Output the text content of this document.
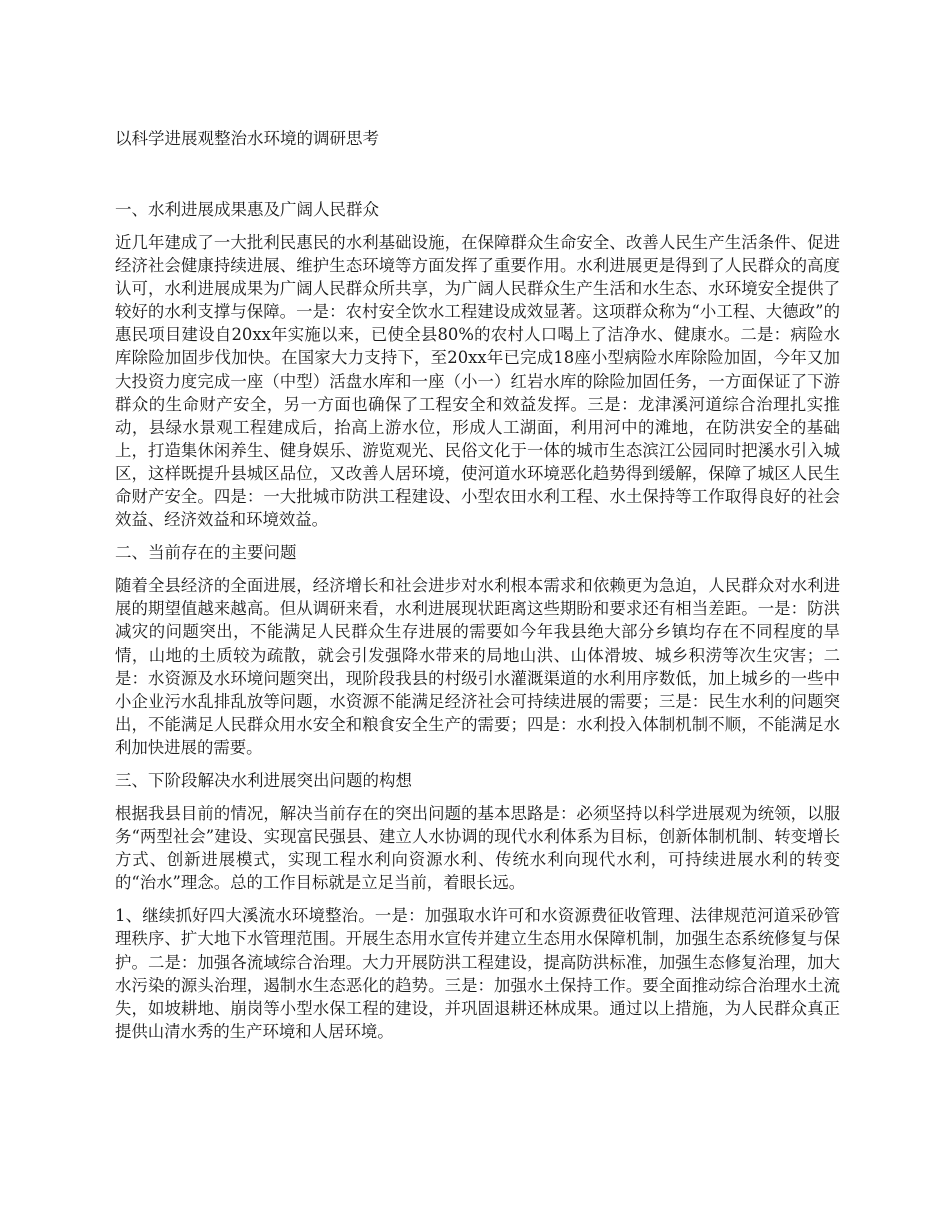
以科学进展观整治水环境的调研思考
一、水利进展成果惠及广阔人民群众

近几年建成了一大批利民惠民的水利基础设施，在保障群众生命安全、改善人民生产生活条件、促进经济社会健康持续进展、维护生态环境等方面发挥了重要作用。水利进展更是得到了人民群众的高度认可，水利进展成果为广阔人民群众所共享，为广阔人民群众生产生活和水生态、水环境安全提供了较好的水利支撑与保障。一是：农村安全饮水工程建设成效显著。这项群众称为“小工程、大德政”的惠民项目建设自20xx年实施以来，已使全县80%的农村人口喝上了洁净水、健康水。二是：病险水库除险加固步伐加快。在国家大力支持下，至20xx年已完成18座小型病险水库除险加固，今年又加大投资力度完成一座（中型）活盘水库和一座（小一）红岩水库的除险加固任务，一方面保证了下游群众的生命财产安全，另一方面也确保了工程安全和效益发挥。三是：龙津溪河道综合治理扎实推动，县绿水景观工程建成后，抬高上游水位，形成人工湖面，利用河中的滩地，在防洪安全的基础上，打造集休闲养生、健身娱乐、游览观光、民俗文化于一体的城市生态滨江公园同时把溪水引入城区，这样既提升县城区品位，又改善人居环境，使河道水环境恶化趋势得到缓解，保障了城区人民生命财产安全。四是：一大批城市防洪工程建设、小型农田水利工程、水土保持等工作取得良好的社会效益、经济效益和环境效益。

二、当前存在的主要问题

随着全县经济的全面进展，经济增长和社会进步对水利根本需求和依赖更为急迫，人民群众对水利进展的期望值越来越高。但从调研来看，水利进展现状距离这些期盼和要求还有相当差距。一是：防洪减灾的问题突出，不能满足人民群众生存进展的需要如今年我县绝大部分乡镇均存在不同程度的旱情，山地的土质较为疏散，就会引发强降水带来的局地山洪、山体滑坡、城乡积涝等次生灾害；二是：水资源及水环境问题突出，现阶段我县的村级引水灌溉渠道的水利用序数低，加上城乡的一些中小企业污水乱排乱放等问题，水资源不能满足经济社会可持续进展的需要；三是：民生水利的问题突出，不能满足人民群众用水安全和粮食安全生产的需要；四是：水利投入体制机制不顺，不能满足水利加快进展的需要。

三、下阶段解决水利进展突出问题的构想

根据我县目前的情况，解决当前存在的突出问题的基本思路是：必须坚持以科学进展观为统领，以服务“两型社会”建设、实现富民强县、建立人水协调的现代水利体系为目标，创新体制机制、转变增长方式、创新进展模式，实现工程水利向资源水利、传统水利向现代水利，可持续进展水利的转变的“治水”理念。总的工作目标就是立足当前，着眼长远。

1、继续抓好四大溪流水环境整治。一是：加强取水许可和水资源费征收管理、法律规范河道采砂管理秩序、扩大地下水管理范围。开展生态用水宣传并建立生态用水保障机制，加强生态系统修复与保护。二是：加强各流域综合治理。大力开展防洪工程建设，提高防洪标准，加强生态修复治理，加大水污染的源头治理，遏制水生态恶化的趋势。三是：加强水土保持工作。要全面推动综合治理水土流失，如坡耕地、崩岗等小型水保工程的建设，并巩固退耕还林成果。通过以上措施，为人民群众真正提供山清水秀的生产环境和人居环境。
